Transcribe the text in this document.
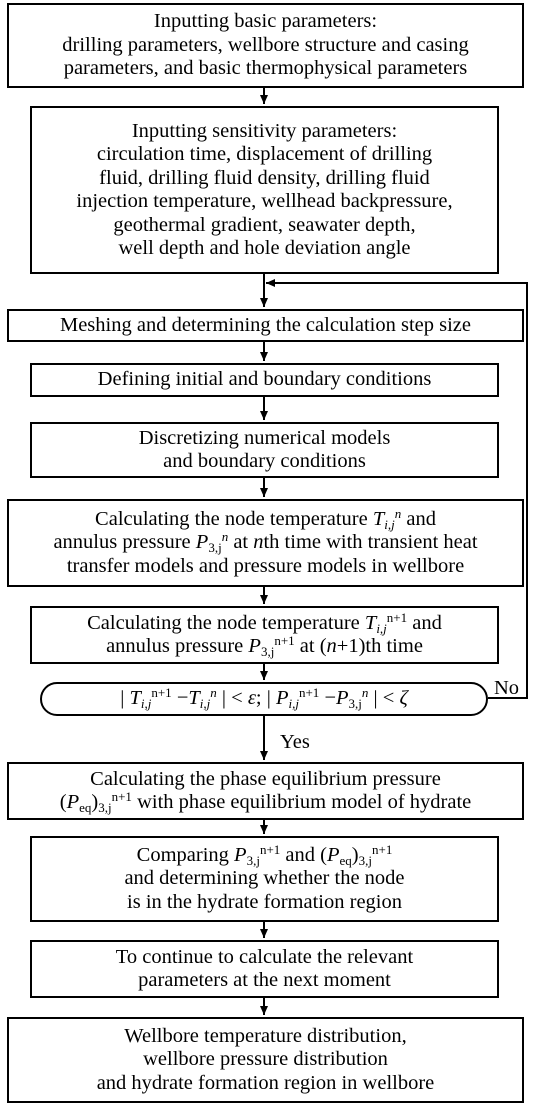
Inputting basic parameters:
drilling parameters, wellbore structure and casing
parameters, and basic thermophysical parameters
Inputting sensitivity parameters:
circulation time, displacement of drilling
fluid, drilling fluid density, drilling fluid
injection temperature, wellhead backpressure,
geothermal gradient, seawater depth,
well depth and hole deviation angle
Meshing and determining the calculation step size
Defining initial and boundary conditions
Discretizing numerical models
and boundary conditions
Calculating the node temperature $T_{i,j}^n$ and
annulus pressure $P_{3,j}^n$ at nth time with transient heat
transfer models and pressure models in wellbore
Calculating the node temperature $T_{i,j}^{n+1}$ and
annulus pressure $P_{3,j}^{n+1}$ at (n+1)th time
| $T_{i,j}^{n+1} -T_{i,j}^n$ | < ε; | $P_{i,j}^{n+1} -P_{3,j}^n$ | < ζ	No
Yes
Calculating the phase equilibrium pressure
$(P_{eq})_{3,j}^{n+1}$ with phase equilibrium model of hydrate
Comparing $P_{3,j}^{n+1}$ and $(P_{eq})_{3,j}^{n+1}$
and determining whether the node
is in the hydrate formation region
To continue to calculate the relevant
parameters at the next moment
Wellbore temperature distribution,
wellbore pressure distribution
and hydrate formation region in wellbore
